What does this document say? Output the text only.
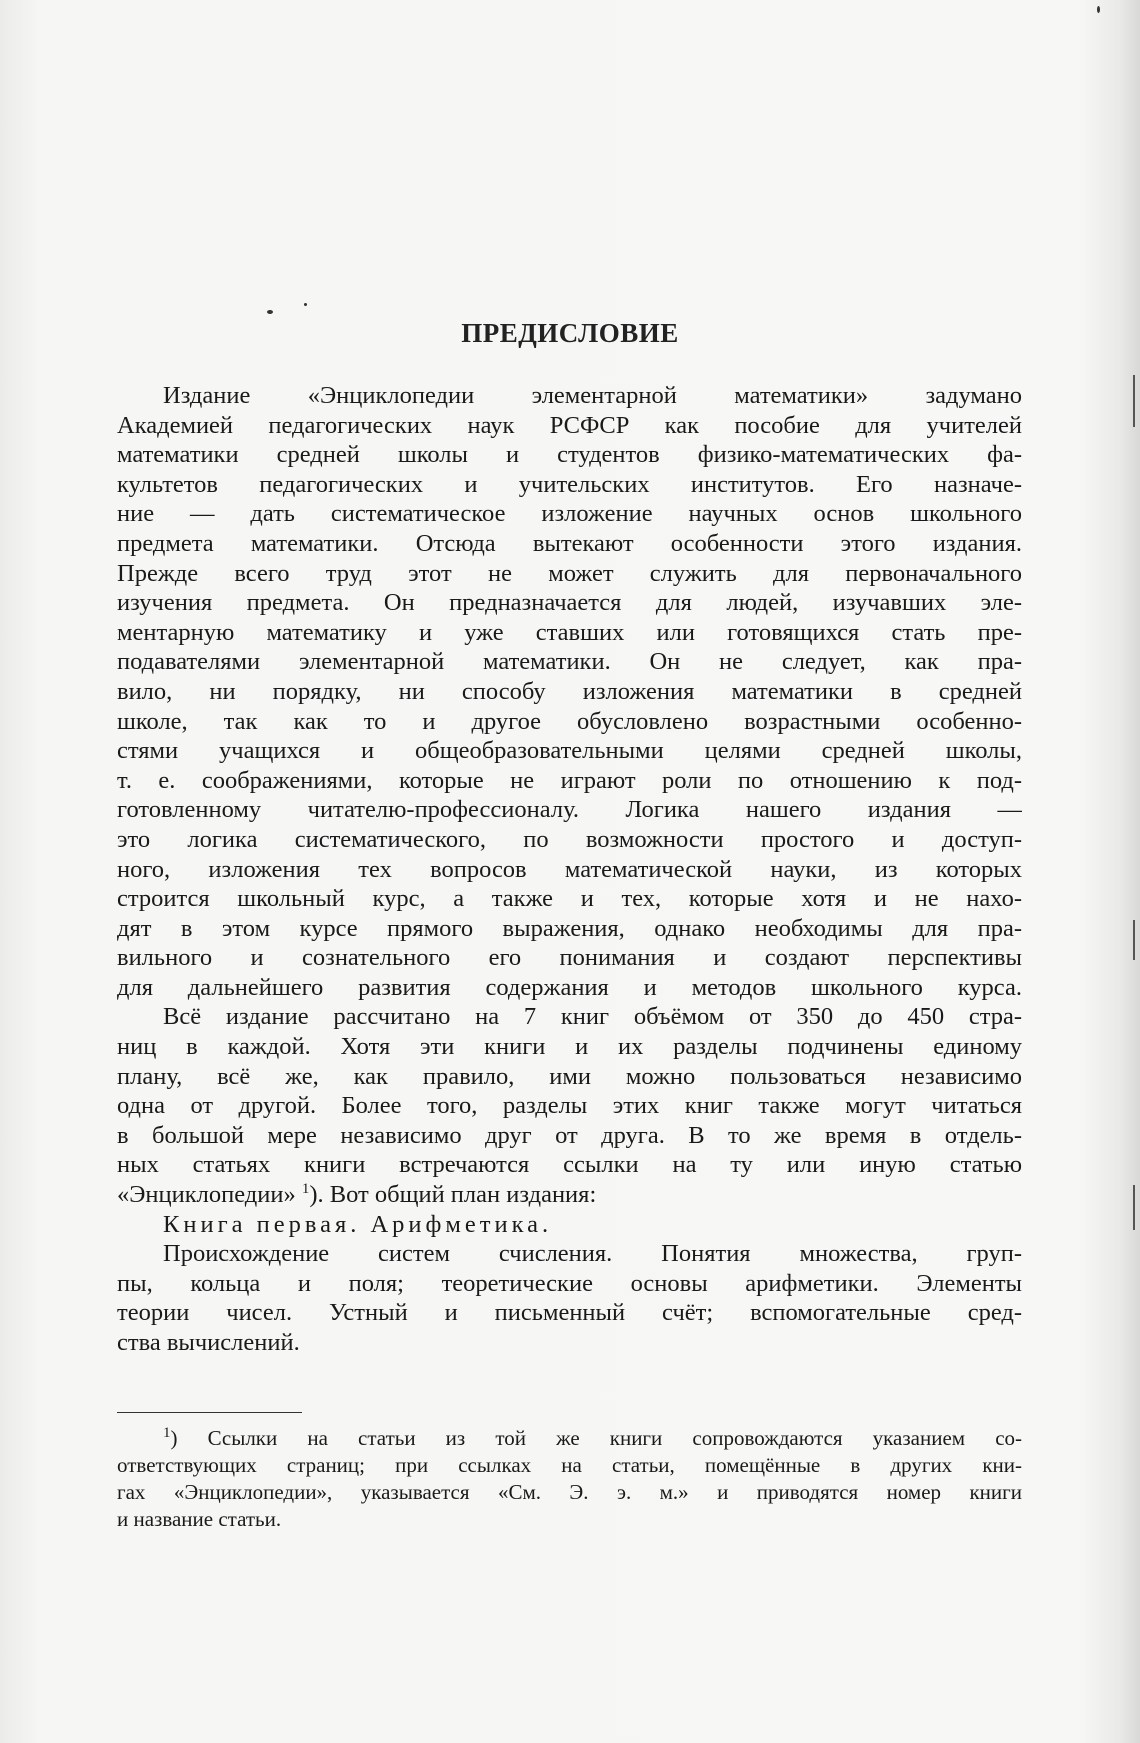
ПРЕДИСЛОВИЕ
Издание «Энциклопедии элементарной математики» задумано
Академией педагогических наук РСФСР как пособие для учителей
математики средней школы и студентов физико-математических фа-
культетов педагогических и учительских институтов. Его назначе-
ние — дать систематическое изложение научных основ школьного
предмета математики. Отсюда вытекают особенности этого издания.
Прежде всего труд этот не может служить для первоначального
изучения предмета. Он предназначается для людей, изучавших эле-
ментарную математику и уже ставших или готовящихся стать пре-
подавателями элементарной математики. Он не следует, как пра-
вило, ни порядку, ни способу изложения математики в средней
школе, так как то и другое обусловлено возрастными особенно-
стями учащихся и общеобразовательными целями средней школы,
т. е. соображениями, которые не играют роли по отношению к под-
готовленному читателю-профессионалу. Логика нашего издания —
это логика систематического, по возможности простого и доступ-
ного, изложения тех вопросов математической науки, из которых
строится школьный курс, а также и тех, которые хотя и не нахо-
дят в этом курсе прямого выражения, однако необходимы для пра-
вильного и сознательного его понимания и создают перспективы
для дальнейшего развития содержания и методов школьного курса.
Всё издание рассчитано на 7 книг объёмом от 350 до 450 стра-
ниц в каждой. Хотя эти книги и их разделы подчинены единому
плану, всё же, как правило, ими можно пользоваться независимо
одна от другой. Более того, разделы этих книг также могут читаться
в большой мере независимо друг от друга. В то же время в отдель-
ных статьях книги встречаются ссылки на ту или иную статью
«Энциклопедии» $^1$). Вот общий план издания:
Книга первая. Арифметика.
Происхождение систем счисления. Понятия множества, груп-
пы, кольца и поля; теоретические основы арифметики. Элементы
теории чисел. Устный и письменный счёт; вспомогательные сред-
ства вычислений.
$^1$) Ссылки на статьи из той же книги сопровождаются указанием со-
ответствующих страниц; при ссылках на статьи, помещённые в других кни-
гах «Энциклопедии», указывается «См. Э. э. м.» и приводятся номер книги
и название статьи.
